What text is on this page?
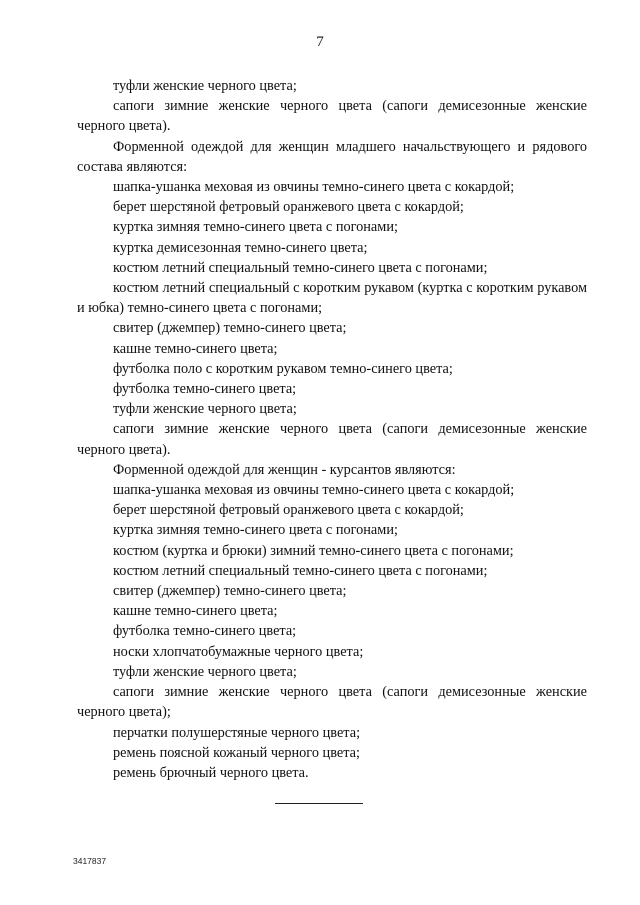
7

туфли женские черного цвета;

сапоги зимние женские черного цвета (сапоги демисезонные женские черного цвета).

Форменной одеждой для женщин младшего начальствующего и рядового состава являются:

шапка-ушанка меховая из овчины темно-синего цвета с кокардой;

берет шерстяной фетровый оранжевого цвета с кокардой;

куртка зимняя темно-синего цвета с погонами;

куртка демисезонная темно-синего цвета;

костюм летний специальный темно-синего цвета с погонами;

костюм летний специальный с коротким рукавом (куртка с коротким рукавом и юбка) темно-синего цвета с погонами;

свитер (джемпер) темно-синего цвета;

кашне темно-синего цвета;

футболка поло с коротким рукавом темно-синего цвета;

футболка темно-синего цвета;

туфли женские черного цвета;

сапоги зимние женские черного цвета (сапоги демисезонные женские черного цвета).

Форменной одеждой для женщин - курсантов являются:

шапка-ушанка меховая из овчины темно-синего цвета с кокардой;

берет шерстяной фетровый оранжевого цвета с кокардой;

куртка зимняя темно-синего цвета с погонами;

костюм (куртка и брюки) зимний темно-синего цвета с погонами;

костюм летний специальный темно-синего цвета с погонами;

свитер (джемпер) темно-синего цвета;

кашне темно-синего цвета;

футболка темно-синего цвета;

носки хлопчатобумажные черного цвета;

туфли женские черного цвета;

сапоги зимние женские черного цвета (сапоги демисезонные женские черного цвета);

перчатки полушерстяные черного цвета;

ремень поясной кожаный черного цвета;

ремень брючный черного цвета.

3417837
